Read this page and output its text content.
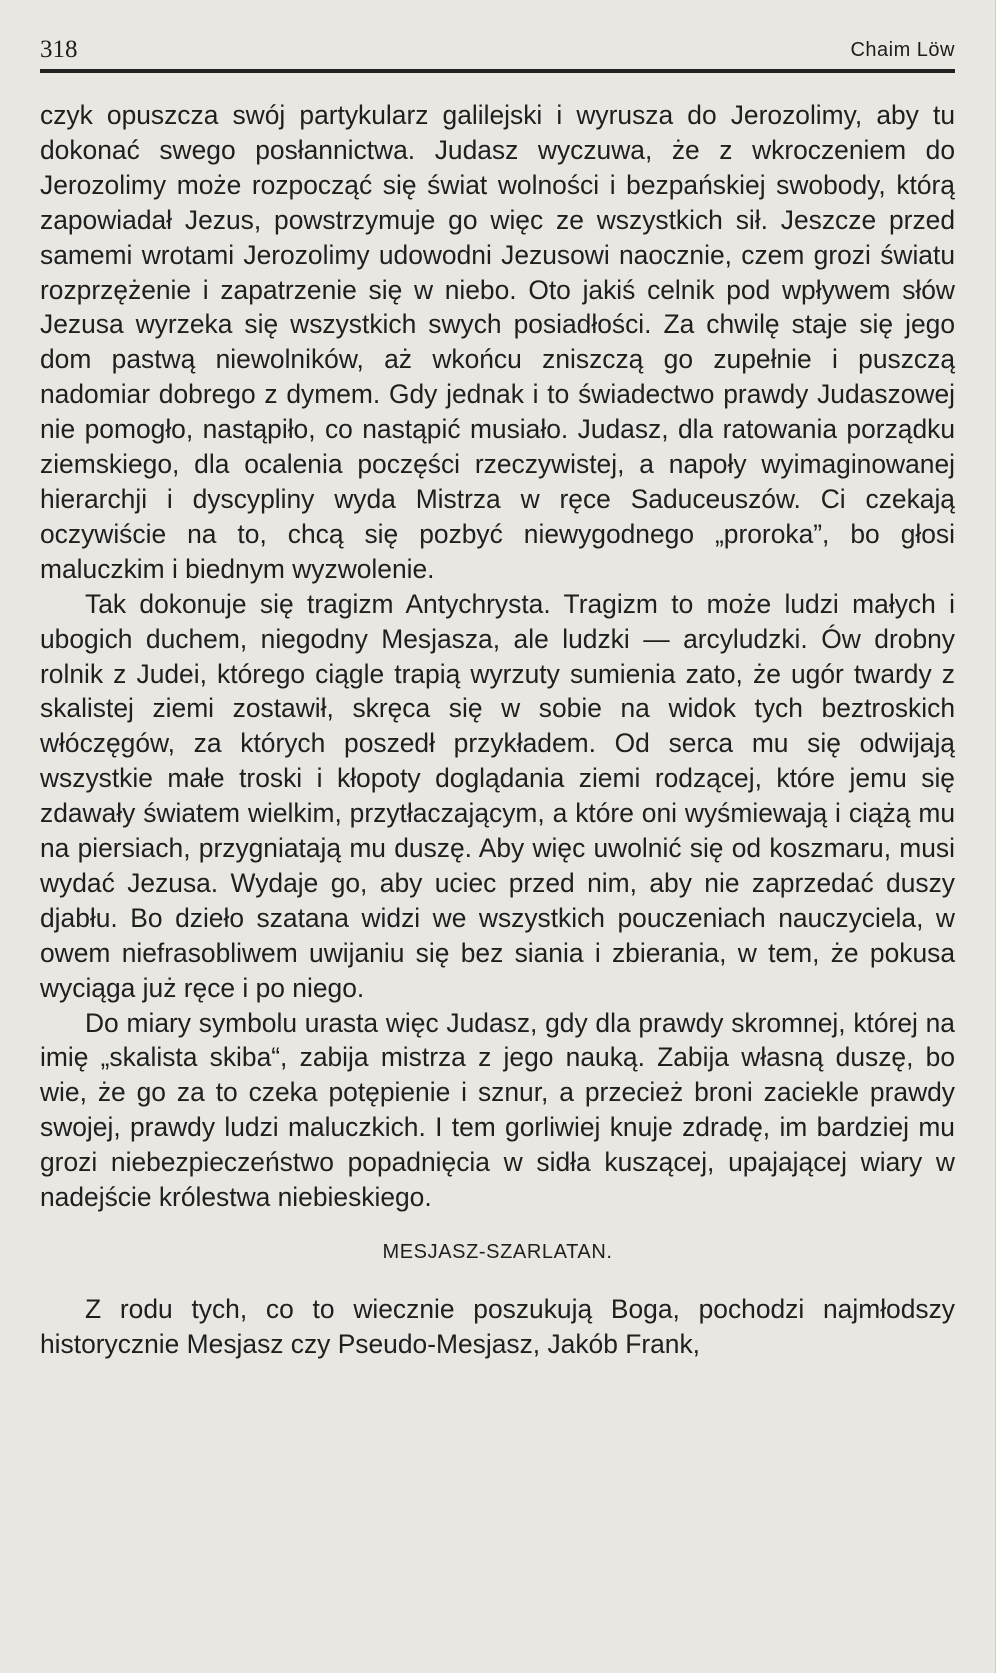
318	Chaim Löw

czyk opuszcza swój partykularz galilejski i wyrusza do Jerozolimy, aby tu dokonać swego posłannictwa. Judasz wyczuwa, że z wkroczeniem do Jerozolimy może rozpocząć się świat wolności i bezpańskiej swobody, którą zapowiadał Jezus, powstrzymuje go więc ze wszystkich sił. Jeszcze przed samemi wrotami Jerozolimy udowodni Jezusowi naocznie, czem grozi światu rozprzężenie i zapatrzenie się w niebo. Oto jakiś celnik pod wpływem słów Jezusa wyrzeka się wszystkich swych posiadłości. Za chwilę staje się jego dom pastwą niewolników, aż wkońcu zniszczą go zupełnie i puszczą nadomiar dobrego z dymem. Gdy jednak i to świadectwo prawdy Judaszowej nie pomogło, nastąpiło, co nastąpić musiało. Judasz, dla ratowania porządku ziemskiego, dla ocalenia poczęści rzeczywistej, a napoły wyimaginowanej hierarchji i dyscypliny wyda Mistrza w ręce Saduceuszów. Ci czekają oczywiście na to, chcą się pozbyć niewygodnego „proroka”, bo głosi maluczkim i biednym wyzwolenie.

Tak dokonuje się tragizm Antychrysta. Tragizm to może ludzi małych i ubogich duchem, niegodny Mesjasza, ale ludzki — arcyludzki. Ów drobny rolnik z Judei, którego ciągle trapią wyrzuty sumienia zato, że ugór twardy z skalistej ziemi zostawił, skręca się w sobie na widok tych beztroskich włóczęgów, za których poszedł przykładem. Od serca mu się odwijają wszystkie małe troski i kłopoty doglądania ziemi rodzącej, które jemu się zdawały światem wielkim, przytłaczającym, a które oni wyśmiewają i ciążą mu na piersiach, przygniatają mu duszę. Aby więc uwolnić się od koszmaru, musi wydać Jezusa. Wydaje go, aby uciec przed nim, aby nie zaprzedać duszy djabłu. Bo dzieło szatana widzi we wszystkich pouczeniach nauczyciela, w owem niefrasobliwem uwijaniu się bez siania i zbierania, w tem, że pokusa wyciąga już ręce i po niego.

Do miary symbolu urasta więc Judasz, gdy dla prawdy skromnej, której na imię „skalista skiba“, zabija mistrza z jego nauką. Zabija własną duszę, bo wie, że go za to czeka potępienie i sznur, a przecież broni zaciekle prawdy swojej, prawdy ludzi maluczkich. I tem gorliwiej knuje zdradę, im bardziej mu grozi niebezpieczeństwo popadnięcia w sidła kuszącej, upajającej wiary w nadejście królestwa niebieskiego.

MESJASZ-SZARLATAN.

Z rodu tych, co to wiecznie poszukują Boga, pochodzi najmłodszy historycznie Mesjasz czy Pseudo-Mesjasz, Jakób Frank,
